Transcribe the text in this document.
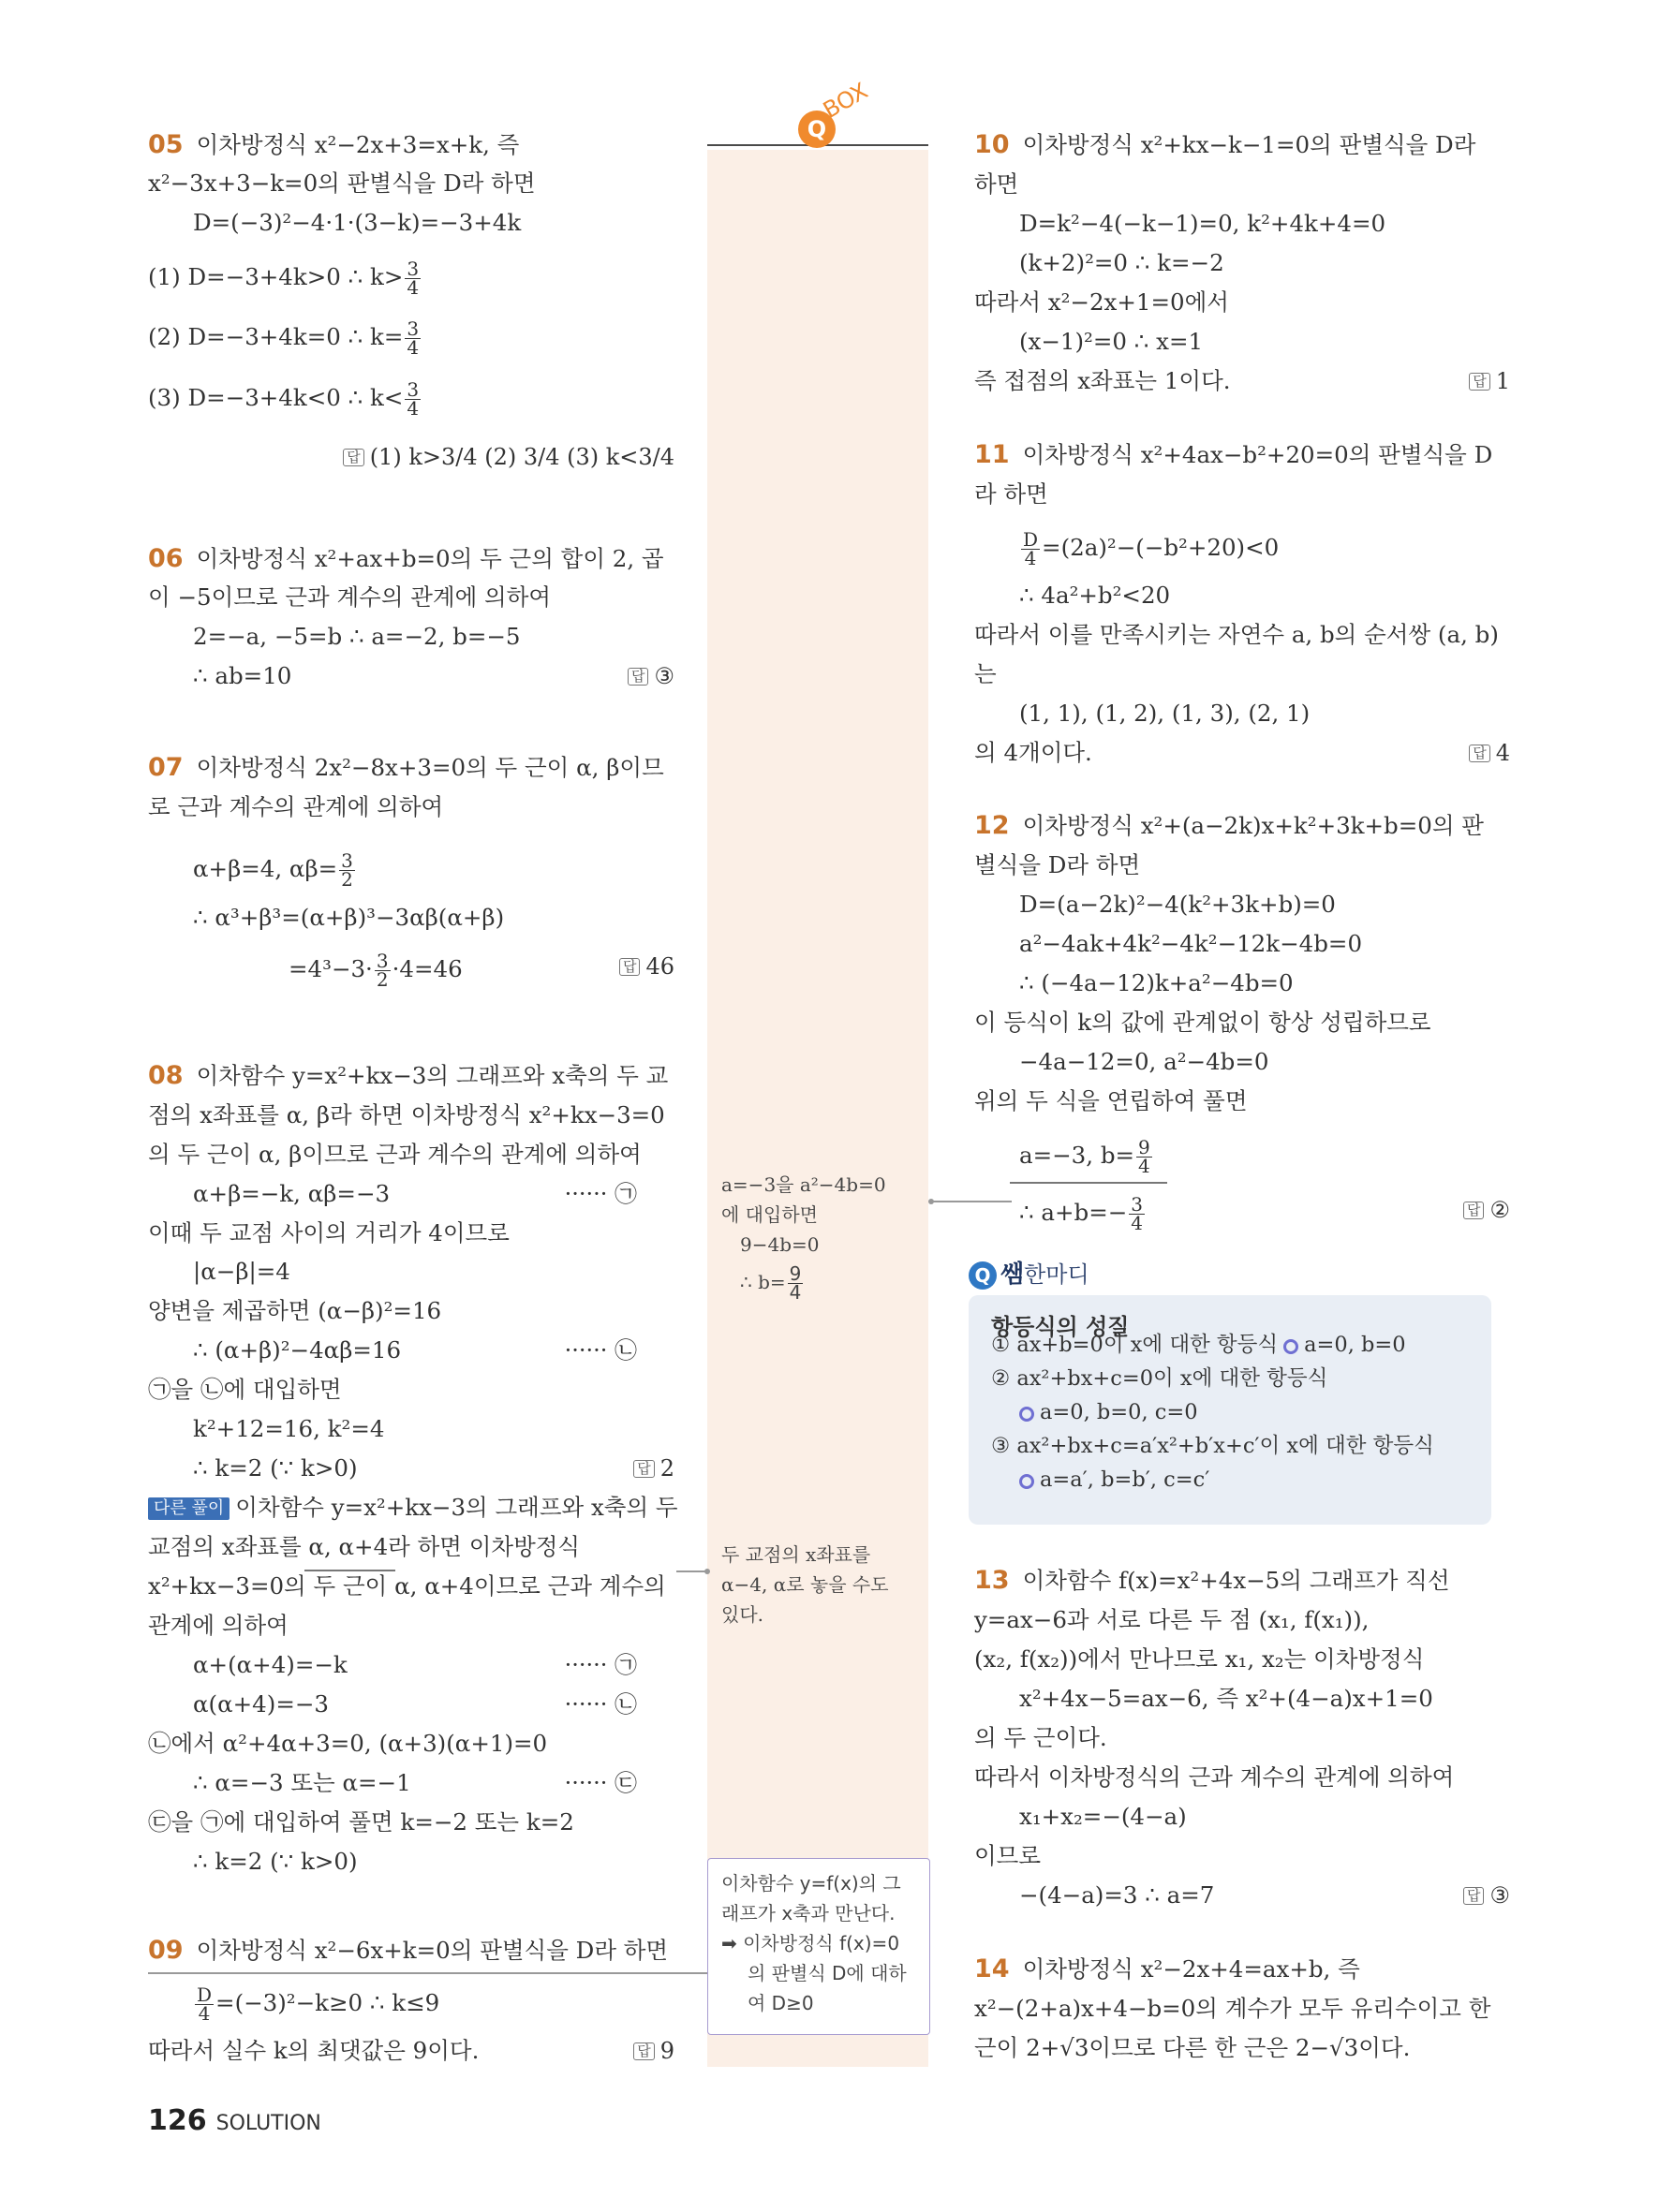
Q
BOX
05 이차방정식 x²−2x+3=x+k, 즉
x²−3x+3−k=0의 판별식을 D라 하면
D=(−3)²−4·1·(3−k)=−3+4k
(1) D=−3+4k>0 ∴ $k> \frac{3}{4}$
(2) D=−3+4k=0 ∴ $k= \frac{3}{4}$
(3) D=−3+4k<0 ∴ $k< \frac{3}{4}$
06 이차방정식 x²+ax+b=0의 두 근의 합이 2, 곱
이 −5이므로 근과 계수의 관계에 의하여
2=−a, −5=b ∴ a=−2, b=−5
∴ ab=10
07 이차방정식 2x²−8x+3=0의 두 근이 α, β이므
로 근과 계수의 관계에 의하여
α+β=4, $\alpha\beta= \frac{3}{2}$
∴ α³+β³=(α+β)³−3αβ(α+β)
$=4^3-3\cdot \frac{3}{2} \cdot 4=46$
08 이차함수 y=x²+kx−3의 그래프와 x축의 두 교
점의 x좌표를 α, β라 하면 이차방정식 x²+kx−3=0
의 두 근이 α, β이므로 근과 계수의 관계에 의하여
α+β=−k, αβ=−3	······ ㉠
이때 두 교점 사이의 거리가 4이므로
|α−β|=4
양변을 제곱하면 (α−β)²=16
∴ (α+β)²−4αβ=16	······ ㉡
㉠을 ㉡에 대입하면
k²+12=16, k²=4
∴ k=2 (∵ k>0)
다른 풀이 이차함수 y=x²+kx−3의 그래프와 x축의 두
교점의 x좌표를 α, α+4라 하면 이차방정식
x²+kx−3=0의 두 근이 α, α+4이므로 근과 계수의
관계에 의하여
α+(α+4)=−k	······ ㉠
α(α+4)=−3	······ ㉡
㉡에서 α²+4α+3=0, (α+3)(α+1)=0
∴ α=−3 또는 α=−1	······ ㉢
㉢을 ㉠에 대입하여 풀면 k=−2 또는 k=2
∴ k=2 (∵ k>0)
09 이차방정식 x²−6x+k=0의 판별식을 D라 하면
$\frac{D}{4} =(-3)^2-k\ge 0$ ∴ k≤9
따라서 실수 k의 최댓값은 9이다.
답 (1) k>3/4 (2) 3/4 (3) k<3/4
답 ③
답 46
답 2
답 9
10 이차방정식 x²+kx−k−1=0의 판별식을 D라
하면
D=k²−4(−k−1)=0, k²+4k+4=0
(k+2)²=0 ∴ k=−2
따라서 x²−2x+1=0에서
(x−1)²=0 ∴ x=1
즉 접점의 x좌표는 1이다.
11 이차방정식 x²+4ax−b²+20=0의 판별식을 D
라 하면
$\frac{D}{4} =(2a)^2-(-b^2+20)<0$
∴ 4a²+b²<20
따라서 이를 만족시키는 자연수 a, b의 순서쌍 (a, b)
는
(1, 1), (1, 2), (1, 3), (2, 1)
의 4개이다.
12 이차방정식 x²+(a−2k)x+k²+3k+b=0의 판
별식을 D라 하면
D=(a−2k)²−4(k²+3k+b)=0
a²−4ak+4k²−4k²−12k−4b=0
∴ (−4a−12)k+a²−4b=0
이 등식이 k의 값에 관계없이 항상 성립하므로
−4a−12=0, a²−4b=0
위의 두 식을 연립하여 풀면
a=−3, $b= \frac{9}{4}$
∴ $a+b=- \frac{3}{4}$
13 이차함수 f(x)=x²+4x−5의 그래프가 직선
y=ax−6과 서로 다른 두 점 (x₁, f(x₁)),
(x₂, f(x₂))에서 만나므로 x₁, x₂는 이차방정식
x²+4x−5=ax−6, 즉 x²+(4−a)x+1=0
의 두 근이다.
따라서 이차방정식의 근과 계수의 관계에 의하여
x₁+x₂=−(4−a)
이므로
−(4−a)=3 ∴ a=7
14 이차방정식 x²−2x+4=ax+b, 즉
x²−(2+a)x+4−b=0의 계수가 모두 유리수이고 한
근이 2+√3이므로 다른 한 근은 2−√3이다.
답 1
답 4
답 ②
답 ③
a=−3을 a²−4b=0
에 대입하면
9−4b=0
∴ $b= \frac{9}{4}$
두 교점의 x좌표를
α−4, α로 놓을 수도
있다.
이차함수 y=f(x)의 그
래프가 x축과 만난다.
➡ 이차방정식 f(x)=0
의 판별식 D에 대하
여 D≥0
Q 쌤한마디
항등식의 성질
① ax+b=0이 x에 대한 항등식 a=0, b=0
② ax²+bx+c=0이 x에 대한 항등식
a=0, b=0, c=0
③ ax²+bx+c=a′x²+b′x+c′이 x에 대한 항등식
a=a′, b=b′, c=c′
126 SOLUTION
